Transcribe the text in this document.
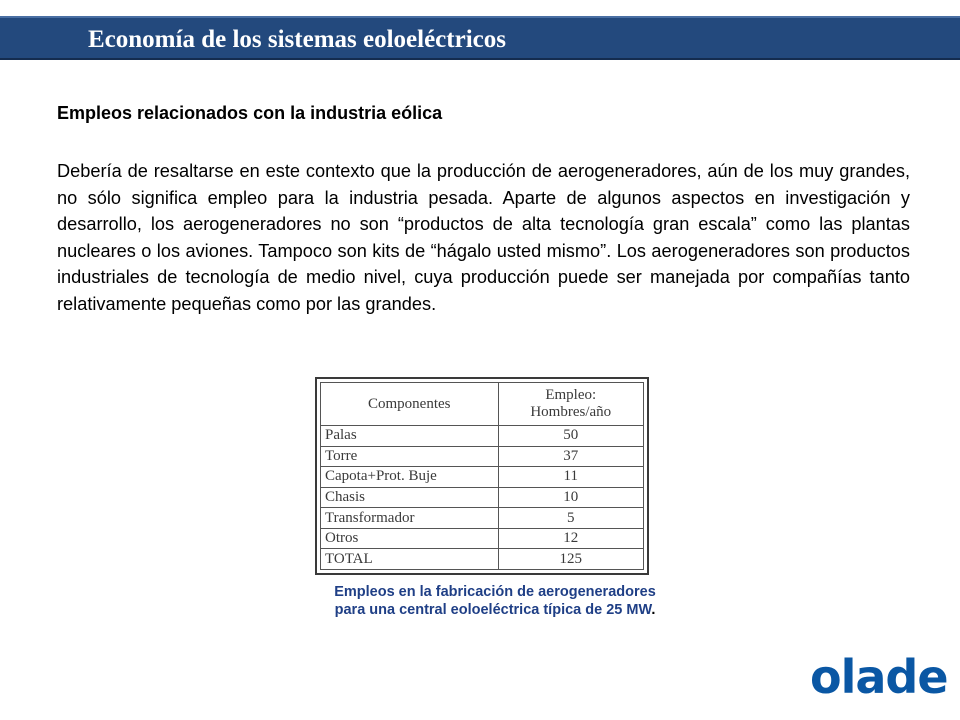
Economía de los sistemas eoloeléctricos
Empleos relacionados con la industria eólica

Debería de resaltarse en este contexto que la producción de aerogeneradores, aún de los muy grandes, no sólo significa empleo para la industria pesada. Aparte de algunos aspectos en investigación y desarrollo, los aerogeneradores no son “productos de alta tecnología gran escala” como las plantas nucleares o los aviones. Tampoco son kits de “hágalo usted mismo”. Los aerogeneradores son productos industriales de tecnología de medio nivel, cuya producción puede ser manejada por compañías tanto relativamente pequeñas como por las grandes.

Componentes	Empleo: Hombres/año
Palas	50
Torre	37
Capota+Prot. Buje	11
Chasis	10
Transformador	5
Otros	12
TOTAL	125
Empleos en la fabricación de aerogeneradores
para una central eoloeléctrica típica de 25 MW.
olade
